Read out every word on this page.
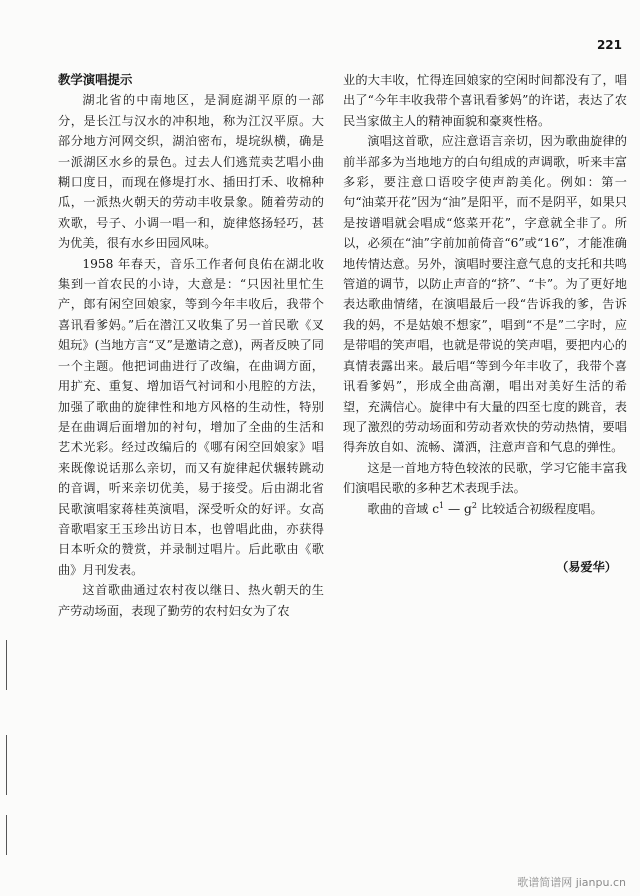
221
教学演唱提示

湖北省的中南地区，是洞庭湖平原的一部分，是长江与汉水的冲积地，称为江汉平原。大部分地方河网交织，湖泊密布，堤垸纵横，确是一派湖区水乡的景色。过去人们逃荒卖艺唱小曲糊口度日，而现在修堤打水、插田打禾、收棉种瓜，一派热火朝天的劳动丰收景象。随着劳动的欢歌，号子、小调一唱一和，旋律悠扬轻巧，甚为优美，很有水乡田园风味。

1958 年春天，音乐工作者何良佑在湖北收集到一首农民的小诗，大意是：“只因社里忙生产，郎有闲空回娘家，等到今年丰收后，我带个喜讯看爹妈。”后在潜江又收集了另一首民歌《叉姐玩》(当地方言“叉”是邀请之意)，两者反映了同一个主题。他把词曲进行了改编，在曲调方面，用扩充、重复、增加语气衬词和小甩腔的方法，加强了歌曲的旋律性和地方风格的生动性，特别是在曲调后面增加的衬句，增加了全曲的生活和艺术光彩。经过改编后的《哪有闲空回娘家》唱来既像说话那么亲切，而又有旋律起伏辗转跳动的音调，听来亲切优美，易于接受。后由湖北省民歌演唱家蒋桂英演唱，深受听众的好评。女高音歌唱家王玉珍出访日本，也曾唱此曲，亦获得日本听众的赞赏，并录制过唱片。后此歌由《歌曲》月刊发表。

这首歌曲通过农村夜以继日、热火朝天的生产劳动场面，表现了勤劳的农村妇女为了农

业的大丰收，忙得连回娘家的空闲时间都没有了，唱出了“今年丰收我带个喜讯看爹妈”的许诺，表达了农民当家做主人的精神面貌和豪爽性格。

演唱这首歌，应注意语言亲切，因为歌曲旋律的前半部多为当地地方的白句组成的声调歌，听来丰富多彩，要注意口语咬字使声韵美化。例如：第一句“油菜开花”因为“油”是阳平，而不是阴平，如果只是按谱唱就会唱成“悠菜开花”，字意就全非了。所以，必须在“油”字前加前倚音“6”或“16”，才能准确地传情达意。另外，演唱时要注意气息的支托和共鸣管道的调节，以防止声音的“挤”、“卡”。为了更好地表达歌曲情绪，在演唱最后一段“告诉我的爹，告诉我的妈，不是姑娘不想家”，唱到“不是”二字时，应是带唱的笑声唱，也就是带说的笑声唱，要把内心的真情表露出来。最后唱“等到今年丰收了，我带个喜讯看爹妈”，形成全曲高潮，唱出对美好生活的希望，充满信心。旋律中有大量的四至七度的跳音，表现了激烈的劳动场面和劳动者欢快的劳动热情，要唱得奔放自如、流畅、潇洒，注意声音和气息的弹性。

这是一首地方特色较浓的民歌，学习它能丰富我们演唱民歌的多种艺术表现手法。

歌曲的音域 $c^1$ — $g^2$ 比较适合初级程度唱。

（易爱华）
歌谱简谱网 jianpu.cn
